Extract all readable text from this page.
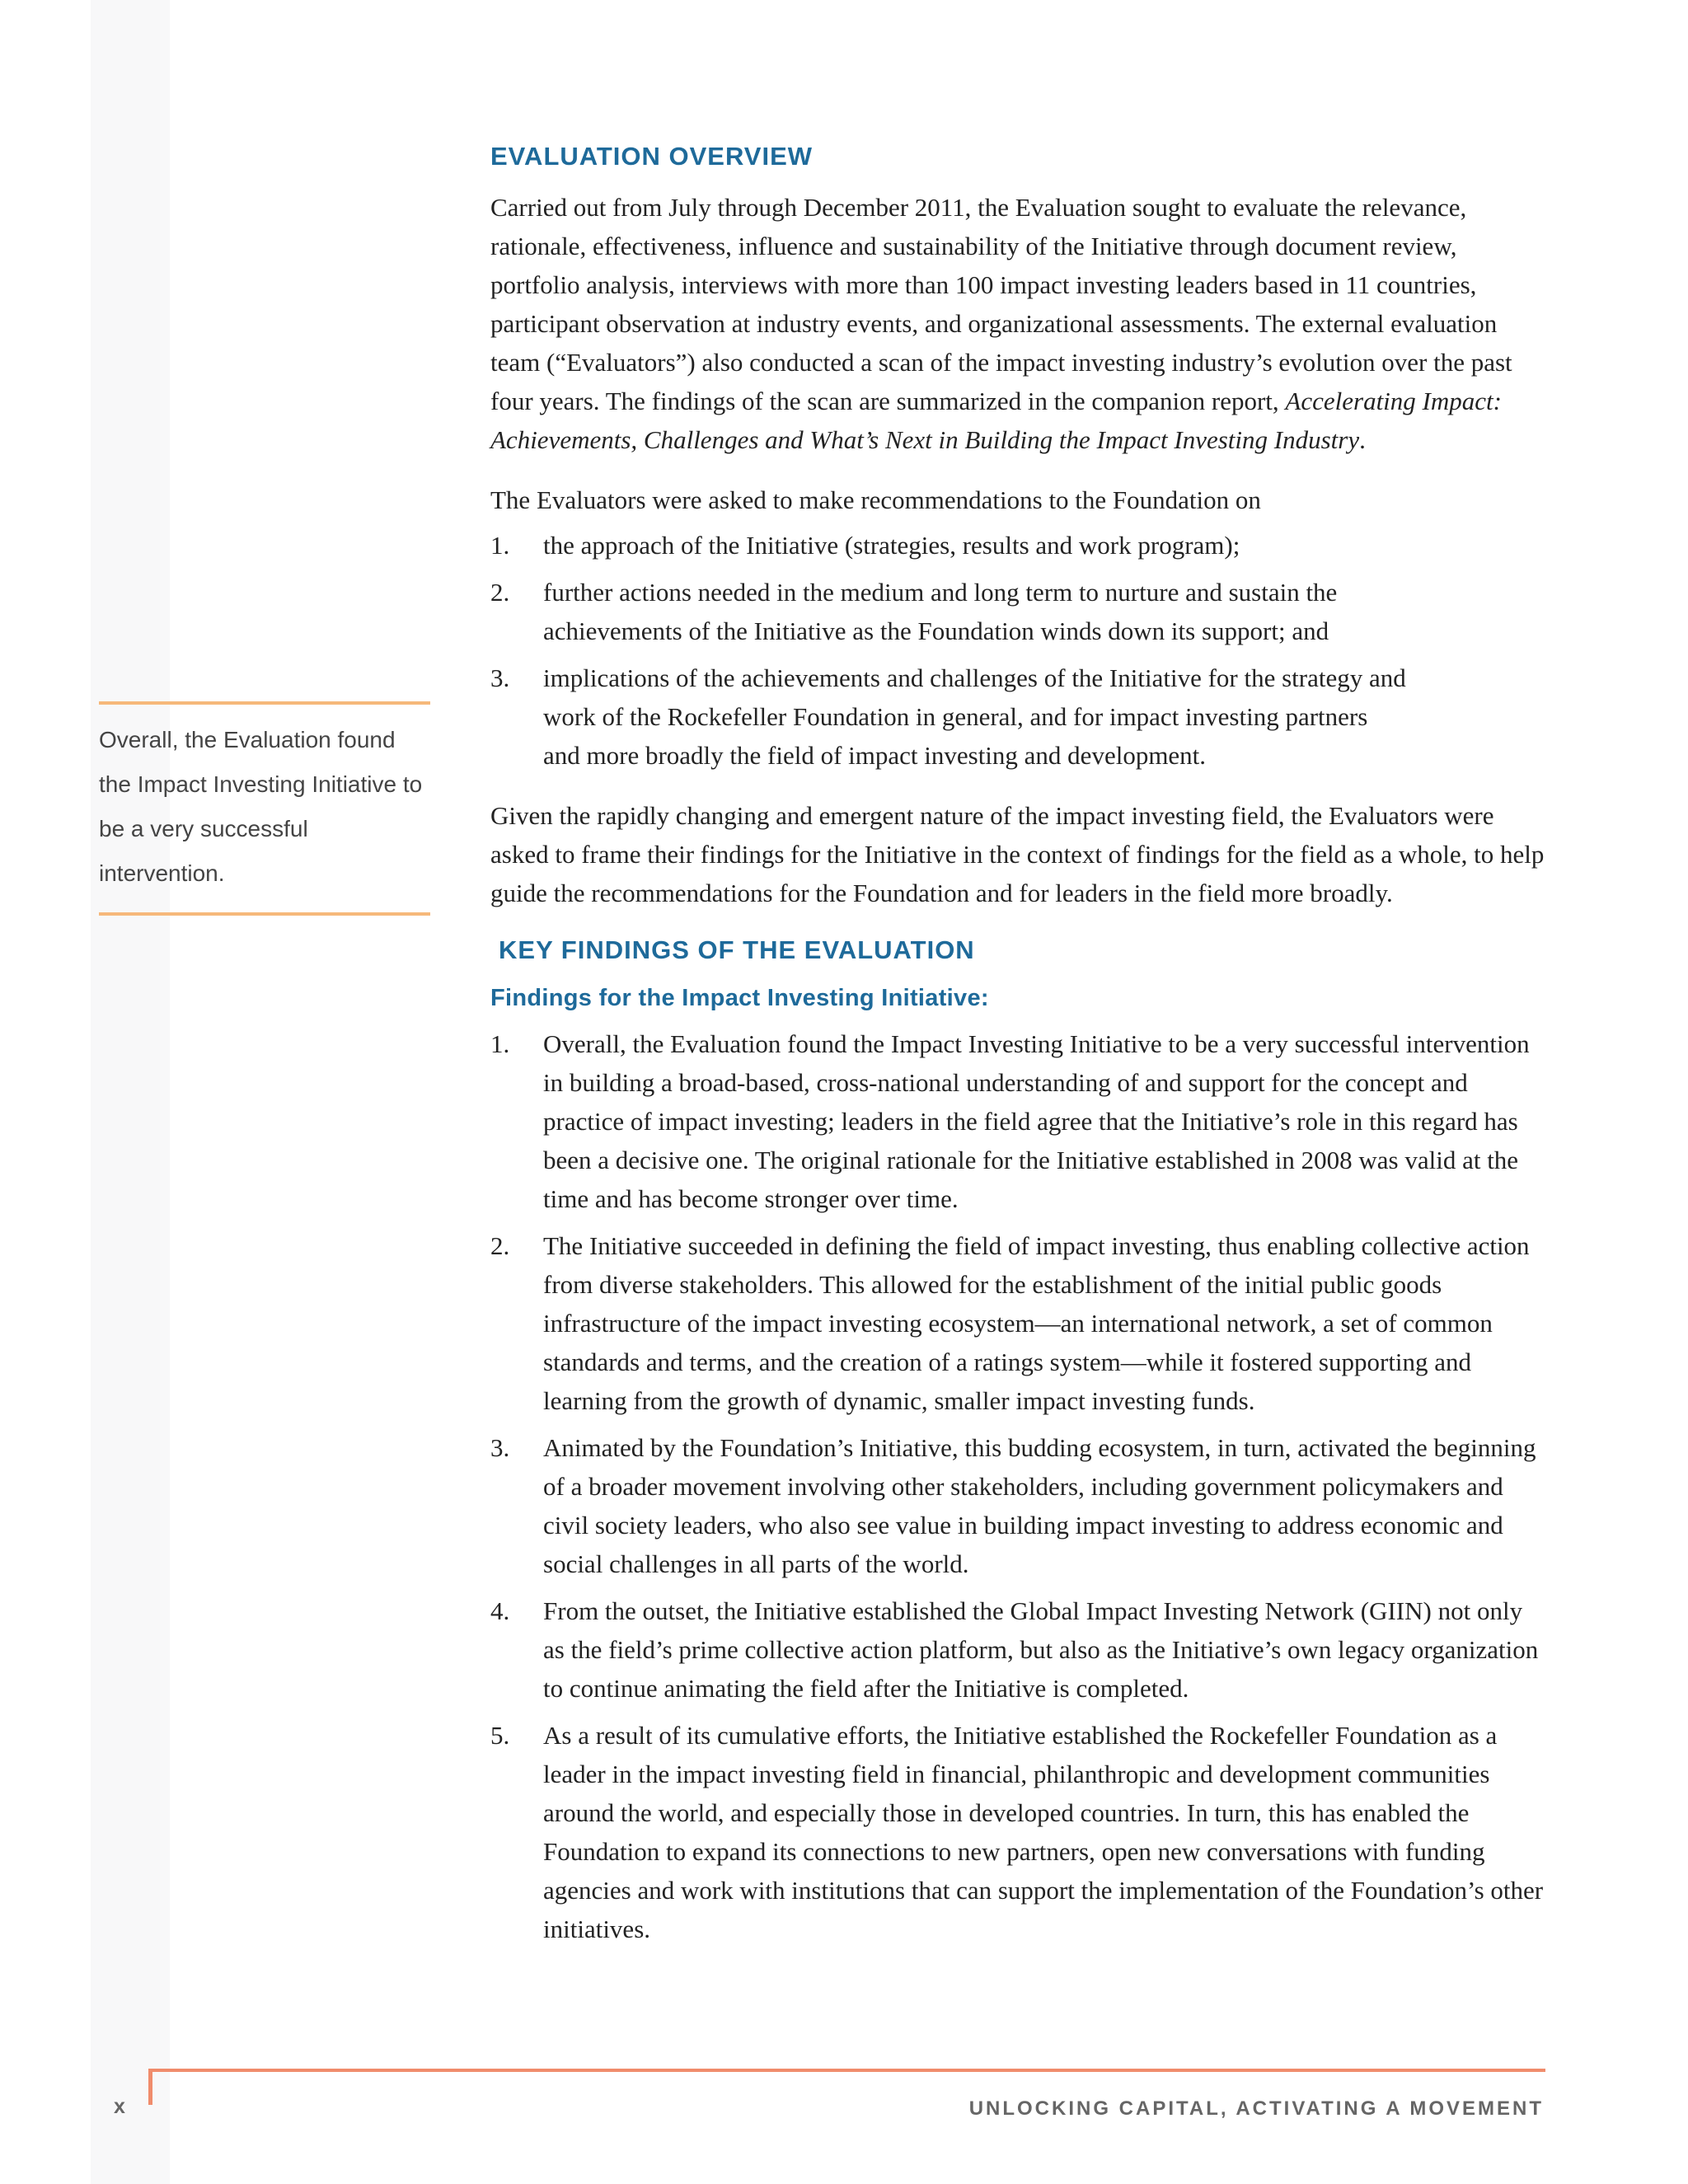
EVALUATION OVERVIEW

Carried out from July through December 2011, the Evaluation sought to evaluate the relevance, rationale, effectiveness, influence and sustainability of the Initiative through document review, portfolio analysis, interviews with more than 100 impact investing leaders based in 11 countries, participant observation at industry events, and organizational assessments. The external evaluation team (“Evaluators”) also conducted a scan of the impact investing industry’s evolution over the past four years. The findings of the scan are summarized in the companion report, Accelerating Impact: Achievements, Challenges and What’s Next in Building the Impact Investing Industry.

The Evaluators were asked to make recommendations to the Foundation on

1. the approach of the Initiative (strategies, results and work program);
2. further actions needed in the medium and long term to nurture and sustain the achievements of the Initiative as the Foundation winds down its support; and
3. implications of the achievements and challenges of the Initiative for the strategy and work of the Rockefeller Foundation in general, and for impact investing partners and more broadly the field of impact investing and development.

Given the rapidly changing and emergent nature of the impact investing field, the Evaluators were asked to frame their findings for the Initiative in the context of findings for the field as a whole, to help guide the recommendations for the Foundation and for leaders in the field more broadly.

KEY FINDINGS OF THE EVALUATION
Findings for the Impact Investing Initiative:
1. Overall, the Evaluation found the Impact Investing Initiative to be a very successful intervention in building a broad-based, cross-national understanding of and support for the concept and practice of impact investing; leaders in the field agree that the Initiative’s role in this regard has been a decisive one. The original rationale for the Initiative established in 2008 was valid at the time and has become stronger over time.
2. The Initiative succeeded in defining the field of impact investing, thus enabling collective action from diverse stakeholders. This allowed for the establishment of the initial public goods infrastructure of the impact investing ecosystem—an international network, a set of common standards and terms, and the creation of a ratings system—while it fostered supporting and learning from the growth of dynamic, smaller impact investing funds.
3. Animated by the Foundation’s Initiative, this budding ecosystem, in turn, activated the beginning of a broader movement involving other stakeholders, including government policymakers and civil society leaders, who also see value in building impact investing to address economic and social challenges in all parts of the world.
4. From the outset, the Initiative established the Global Impact Investing Network (GIIN) not only as the field’s prime collective action platform, but also as the Initiative’s own legacy organization to continue animating the field after the Initiative is completed.
5. As a result of its cumulative efforts, the Initiative established the Rockefeller Foundation as a leader in the impact investing field in financial, philanthropic and development communities around the world, and especially those in developed countries. In turn, this has enabled the Foundation to expand its connections to new partners, open new conversations with funding agencies and work with institutions that can support the implementation of the Foundation’s other initiatives.
Overall, the Evaluation found the Impact Investing Initiative to be a very successful intervention.
x	UNLOCKING CAPITAL, ACTIVATING A MOVEMENT
